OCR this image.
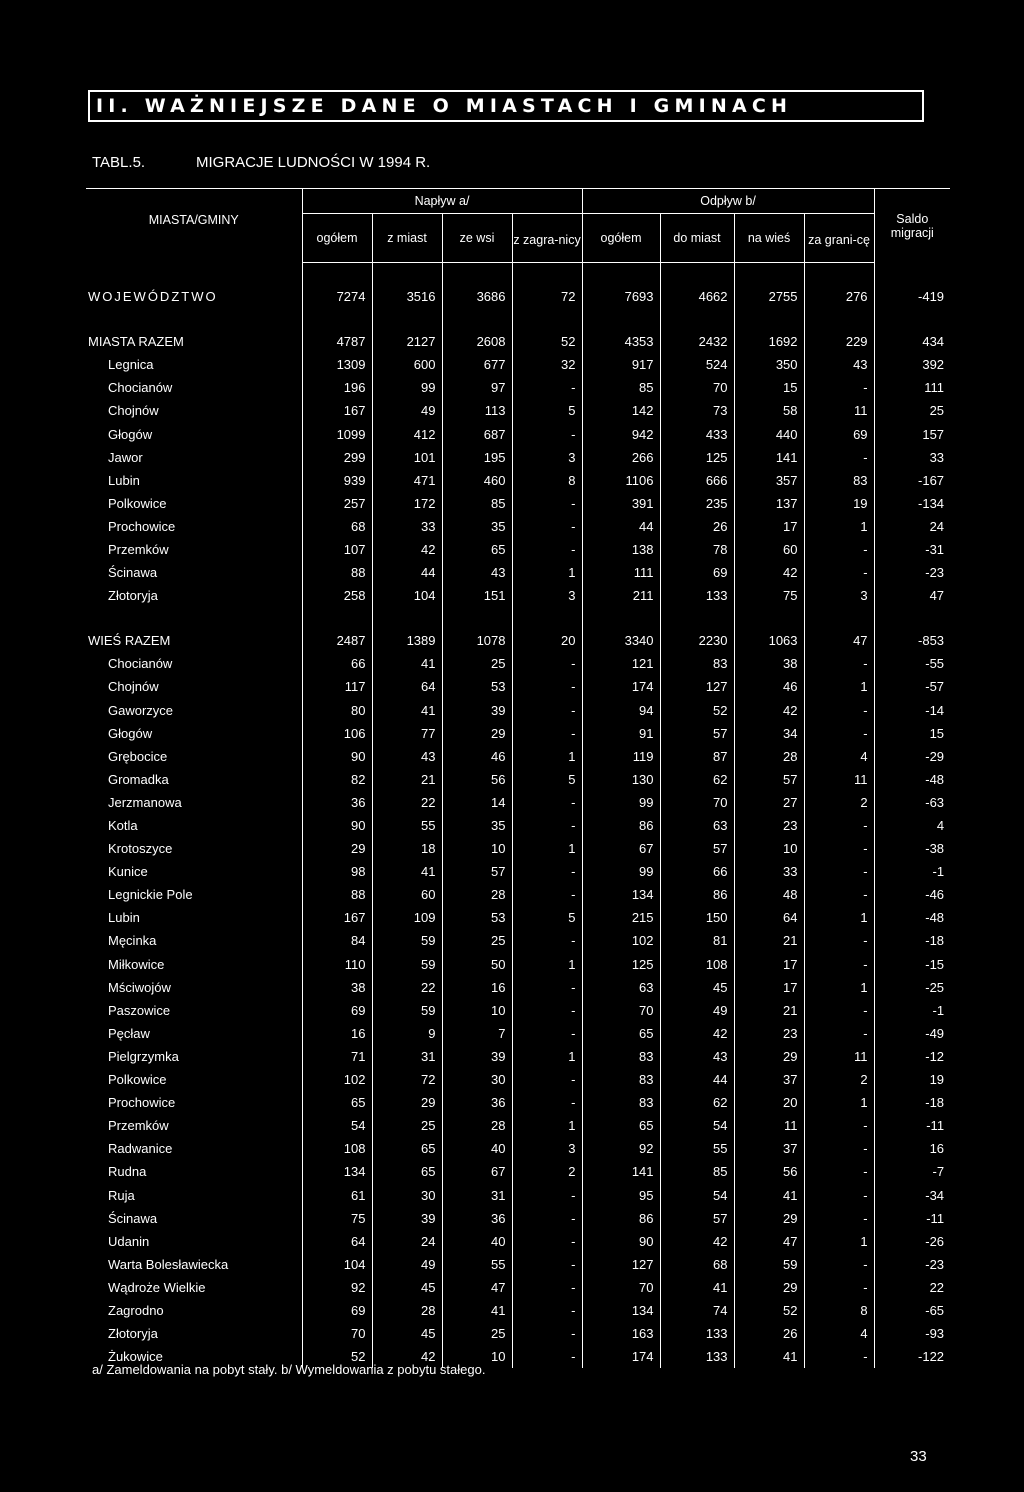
II. WAŻNIEJSZE DANE O MIASTACH I GMINACH
TABL.5.	MIGRACJE LUDNOŚCI W 1994 R.
MIASTA/GMINY	Napływ a/				Odpływ b/				Saldo migracji
	ogółem	z miast	ze wsi	z zagra-nicy	ogółem	do miast	na wieś	za grani-cę	

WOJEWÓDZTWO	7274	3516	3686	72	7693	4662	2755	276	-419

MIASTA RAZEM	4787	2127	2608	52	4353	2432	1692	229	434
Legnica	1309	600	677	32	917	524	350	43	392
Chocianów	196	99	97	-	85	70	15	-	111
Chojnów	167	49	113	5	142	73	58	11	25
Głogów	1099	412	687	-	942	433	440	69	157
Jawor	299	101	195	3	266	125	141	-	33
Lubin	939	471	460	8	1106	666	357	83	-167
Polkowice	257	172	85	-	391	235	137	19	-134
Prochowice	68	33	35	-	44	26	17	1	24
Przemków	107	42	65	-	138	78	60	-	-31
Ścinawa	88	44	43	1	111	69	42	-	-23
Złotoryja	258	104	151	3	211	133	75	3	47

WIEŚ RAZEM	2487	1389	1078	20	3340	2230	1063	47	-853
Chocianów	66	41	25	-	121	83	38	-	-55
Chojnów	117	64	53	-	174	127	46	1	-57
Gaworzyce	80	41	39	-	94	52	42	-	-14
Głogów	106	77	29	-	91	57	34	-	15
Grębocice	90	43	46	1	119	87	28	4	-29
Gromadka	82	21	56	5	130	62	57	11	-48
Jerzmanowa	36	22	14	-	99	70	27	2	-63
Kotla	90	55	35	-	86	63	23	-	4
Krotoszyce	29	18	10	1	67	57	10	-	-38
Kunice	98	41	57	-	99	66	33	-	-1
Legnickie Pole	88	60	28	-	134	86	48	-	-46
Lubin	167	109	53	5	215	150	64	1	-48
Męcinka	84	59	25	-	102	81	21	-	-18
Miłkowice	110	59	50	1	125	108	17	-	-15
Mściwojów	38	22	16	-	63	45	17	1	-25
Paszowice	69	59	10	-	70	49	21	-	-1
Pęcław	16	9	7	-	65	42	23	-	-49
Pielgrzymka	71	31	39	1	83	43	29	11	-12
Polkowice	102	72	30	-	83	44	37	2	19
Prochowice	65	29	36	-	83	62	20	1	-18
Przemków	54	25	28	1	65	54	11	-	-11
Radwanice	108	65	40	3	92	55	37	-	16
Rudna	134	65	67	2	141	85	56	-	-7
Ruja	61	30	31	-	95	54	41	-	-34
Ścinawa	75	39	36	-	86	57	29	-	-11
Udanin	64	24	40	-	90	42	47	1	-26
Warta Bolesławiecka	104	49	55	-	127	68	59	-	-23
Wądroże Wielkie	92	45	47	-	70	41	29	-	22
Zagrodno	69	28	41	-	134	74	52	8	-65
Złotoryja	70	45	25	-	163	133	26	4	-93
Żukowice	52	42	10	-	174	133	41	-	-122
a/ Zameldowania na pobyt stały. b/ Wymeldowania z pobytu stałego.
33
